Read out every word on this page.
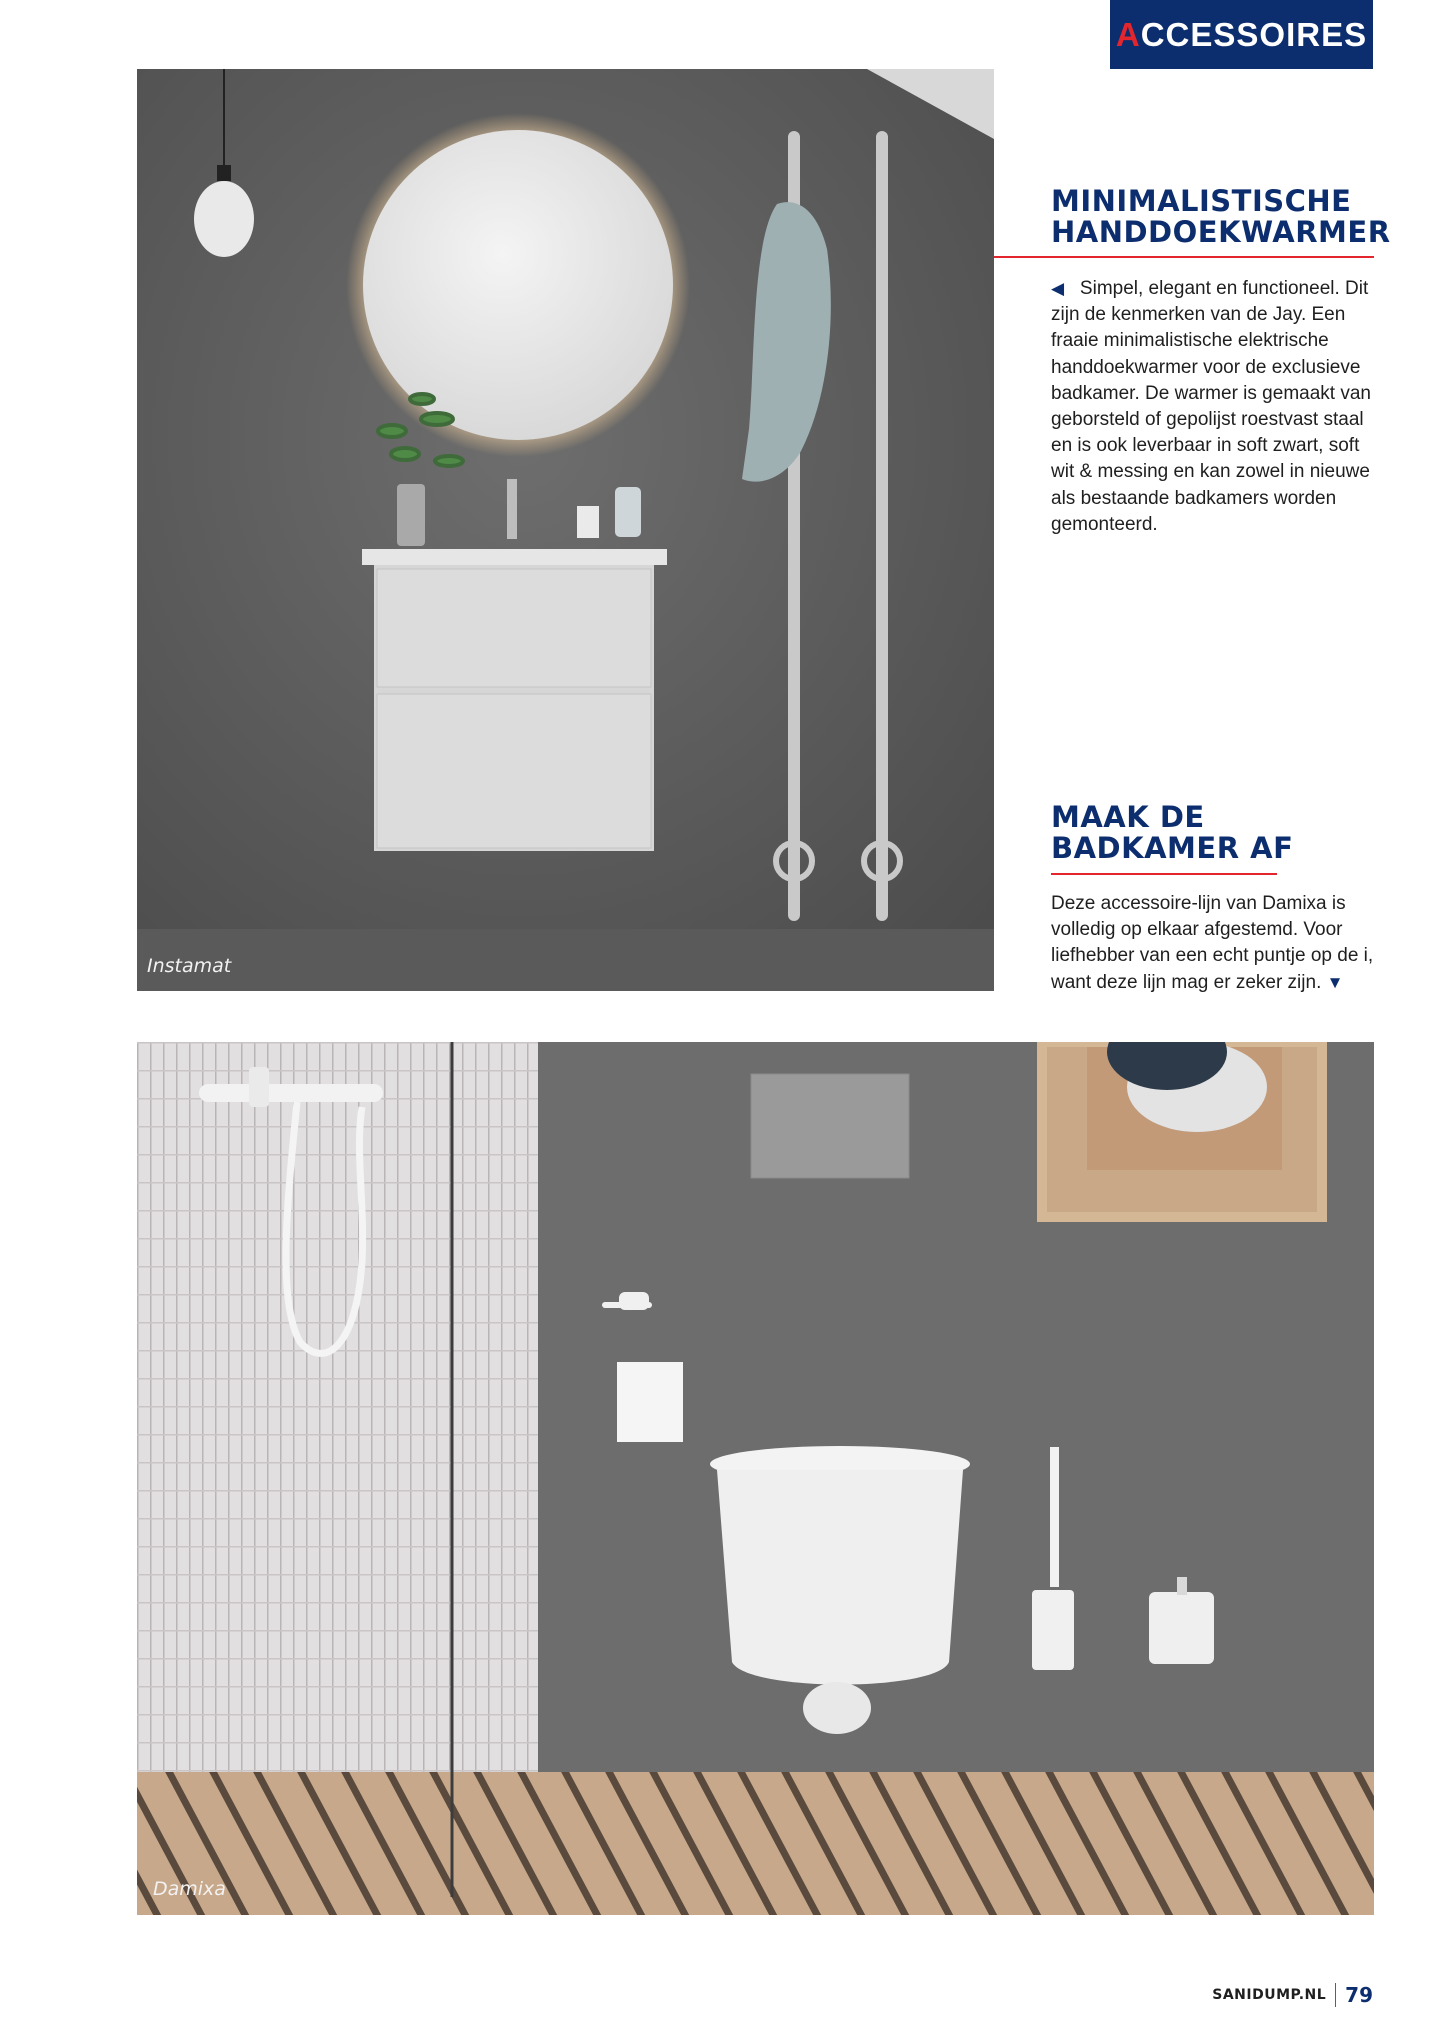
A CCESSOIRES
Instamat
Damixa
MINIMALISTISCHE
HANDDOEKWARMER

◀ Simpel, elegant en functioneel. Dit zijn de kenmerken van de Jay. Een fraaie minimalistische elektrische handdoekwarmer voor de exclusieve badkamer. De warmer is gemaakt van geborsteld of gepolijst roestvast staal en is ook leverbaar in soft zwart, soft wit & messing en kan zowel in nieuwe als bestaande badkamers worden gemonteerd.

MAAK DE
BADKAMER AF

Deze accessoire-lijn van Damixa is volledig op elkaar afgestemd. Voor liefhebber van een echt puntje op de i, want deze lijn mag er zeker zijn. ▼

SANIDUMP.NL 79
